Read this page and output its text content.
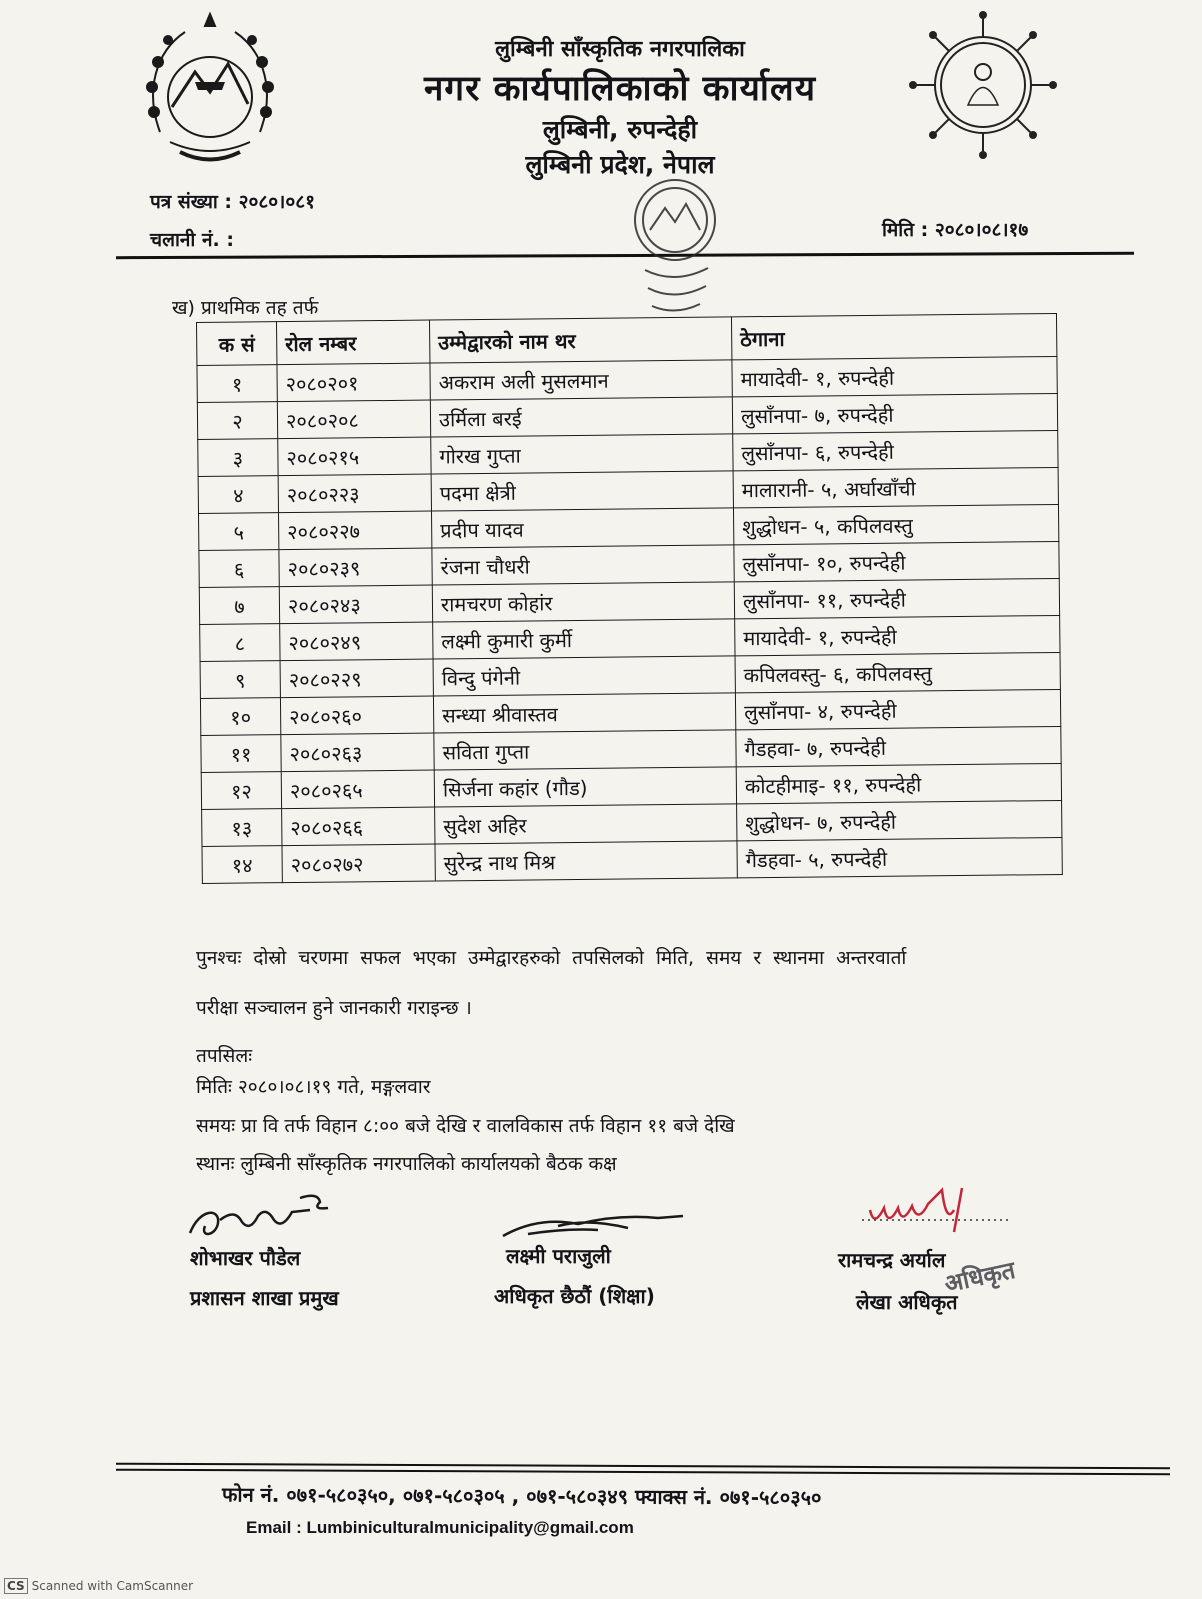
लुम्बिनी साँस्कृतिक नगरपालिका
नगर कार्यपालिकाको कार्यालय
लुम्बिनी, रुपन्देही
लुम्बिनी प्रदेश, नेपाल
पत्र संख्या : २०८०।०८१
चलानी नं. :	मिति : २०८०।०८।१७
ख) प्राथमिक तह तर्फ
क सं	रोल नम्बर	उम्मेद्वारको नाम थर	ठेगाना
१	२०८०२०१	अकराम अली मुसलमान	मायादेवी- १, रुपन्देही
२	२०८०२०८	उर्मिला बरई	लुसाँनपा- ७, रुपन्देही
३	२०८०२१५	गोरख गुप्ता	लुसाँनपा- ६, रुपन्देही
४	२०८०२२३	पदमा क्षेत्री	मालारानी- ५, अर्घाखाँची
५	२०८०२२७	प्रदीप यादव	शुद्धोधन- ५, कपिलवस्तु
६	२०८०२३९	रंजना चौधरी	लुसाँनपा- १०, रुपन्देही
७	२०८०२४३	रामचरण कोहांर	लुसाँनपा- ११, रुपन्देही
८	२०८०२४९	लक्ष्मी कुमारी कुर्मी	मायादेवी- १, रुपन्देही
९	२०८०२२९	विन्दु पंगेनी	कपिलवस्तु- ६, कपिलवस्तु
१०	२०८०२६०	सन्ध्या श्रीवास्तव	लुसाँनपा- ४, रुपन्देही
११	२०८०२६३	सविता गुप्ता	गैडहवा- ७, रुपन्देही
१२	२०८०२६५	सिर्जना कहांर (गौड)	कोटहीमाइ- ११, रुपन्देही
१३	२०८०२६६	सुदेश अहिर	शुद्धोधन- ७, रुपन्देही
१४	२०८०२७२	सुरेन्द्र नाथ मिश्र	गैडहवा- ५, रुपन्देही
पुनश्चः दोस्रो चरणमा सफल भएका उम्मेद्वारहरुको तपसिलको मिति, समय र स्थानमा अन्तरवार्ता
परीक्षा सञ्चालन हुने जानकारी गराइन्छ ।
तपसिलः
मितिः २०८०।०८।१९ गते, मङ्गलवार
समयः प्रा वि तर्फ विहान ८:०० बजे देखि र वालविकास तर्फ विहान ११ बजे देखि
स्थानः लुम्बिनी साँस्कृतिक नगरपालिको कार्यालयको बैठक कक्ष
शोभाखर पौडेल
प्रशासन शाखा प्रमुख
लक्ष्मी पराजुली
अधिकृत छैठौं (शिक्षा)
रामचन्द्र अर्याल
लेखा अधिकृत
अधिकृत
फोन नं. ०७१-५८०३५०, ०७१-५८०३०५ , ०७१-५८०३४९ फ्याक्स नं. ०७१-५८०३५०
Email : Lumbiniculturalmunicipality@gmail.com
CS Scanned with CamScanner
